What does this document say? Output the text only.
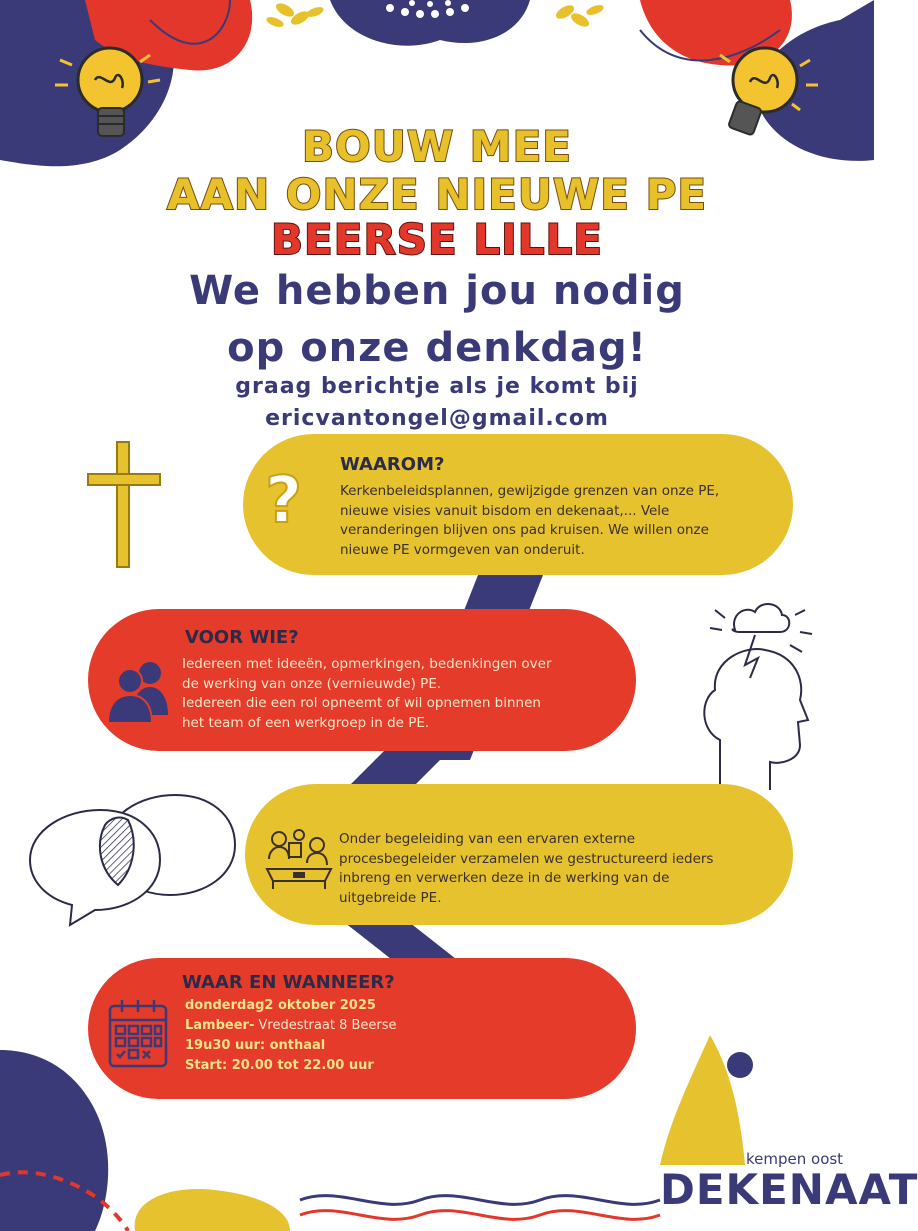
BOUW MEE
AAN ONZE NIEUWE PE
BEERSE LILLE
We hebben jou nodig
op onze denkdag!
graag berichtje als je komt bij
ericvantongel@gmail.com
? WAAROM?
Kerkenbeleidsplannen, gewijzigde grenzen van onze PE,
nieuwe visies vanuit bisdom en dekenaat,... Vele
veranderingen blijven ons pad kruisen. We willen onze
nieuwe PE vormgeven van onderuit.
VOOR WIE?
Iedereen met ideeën, opmerkingen, bedenkingen over
de werking van onze (vernieuwde) PE.
Iedereen die een rol opneemt of wil opnemen binnen
het team of een werkgroep in de PE.
Onder begeleiding van een ervaren externe
procesbegeleider verzamelen we gestructureerd ieders
inbreng en verwerken deze in de werking van de
uitgebreide PE.
WAAR EN WANNEER?
donderdag2 oktober 2025
Lambeer- Vredestraat 8 Beerse
19u30 uur: onthaal
Start: 20.00 tot 22.00 uur
kempen oost
DEKENAAT
